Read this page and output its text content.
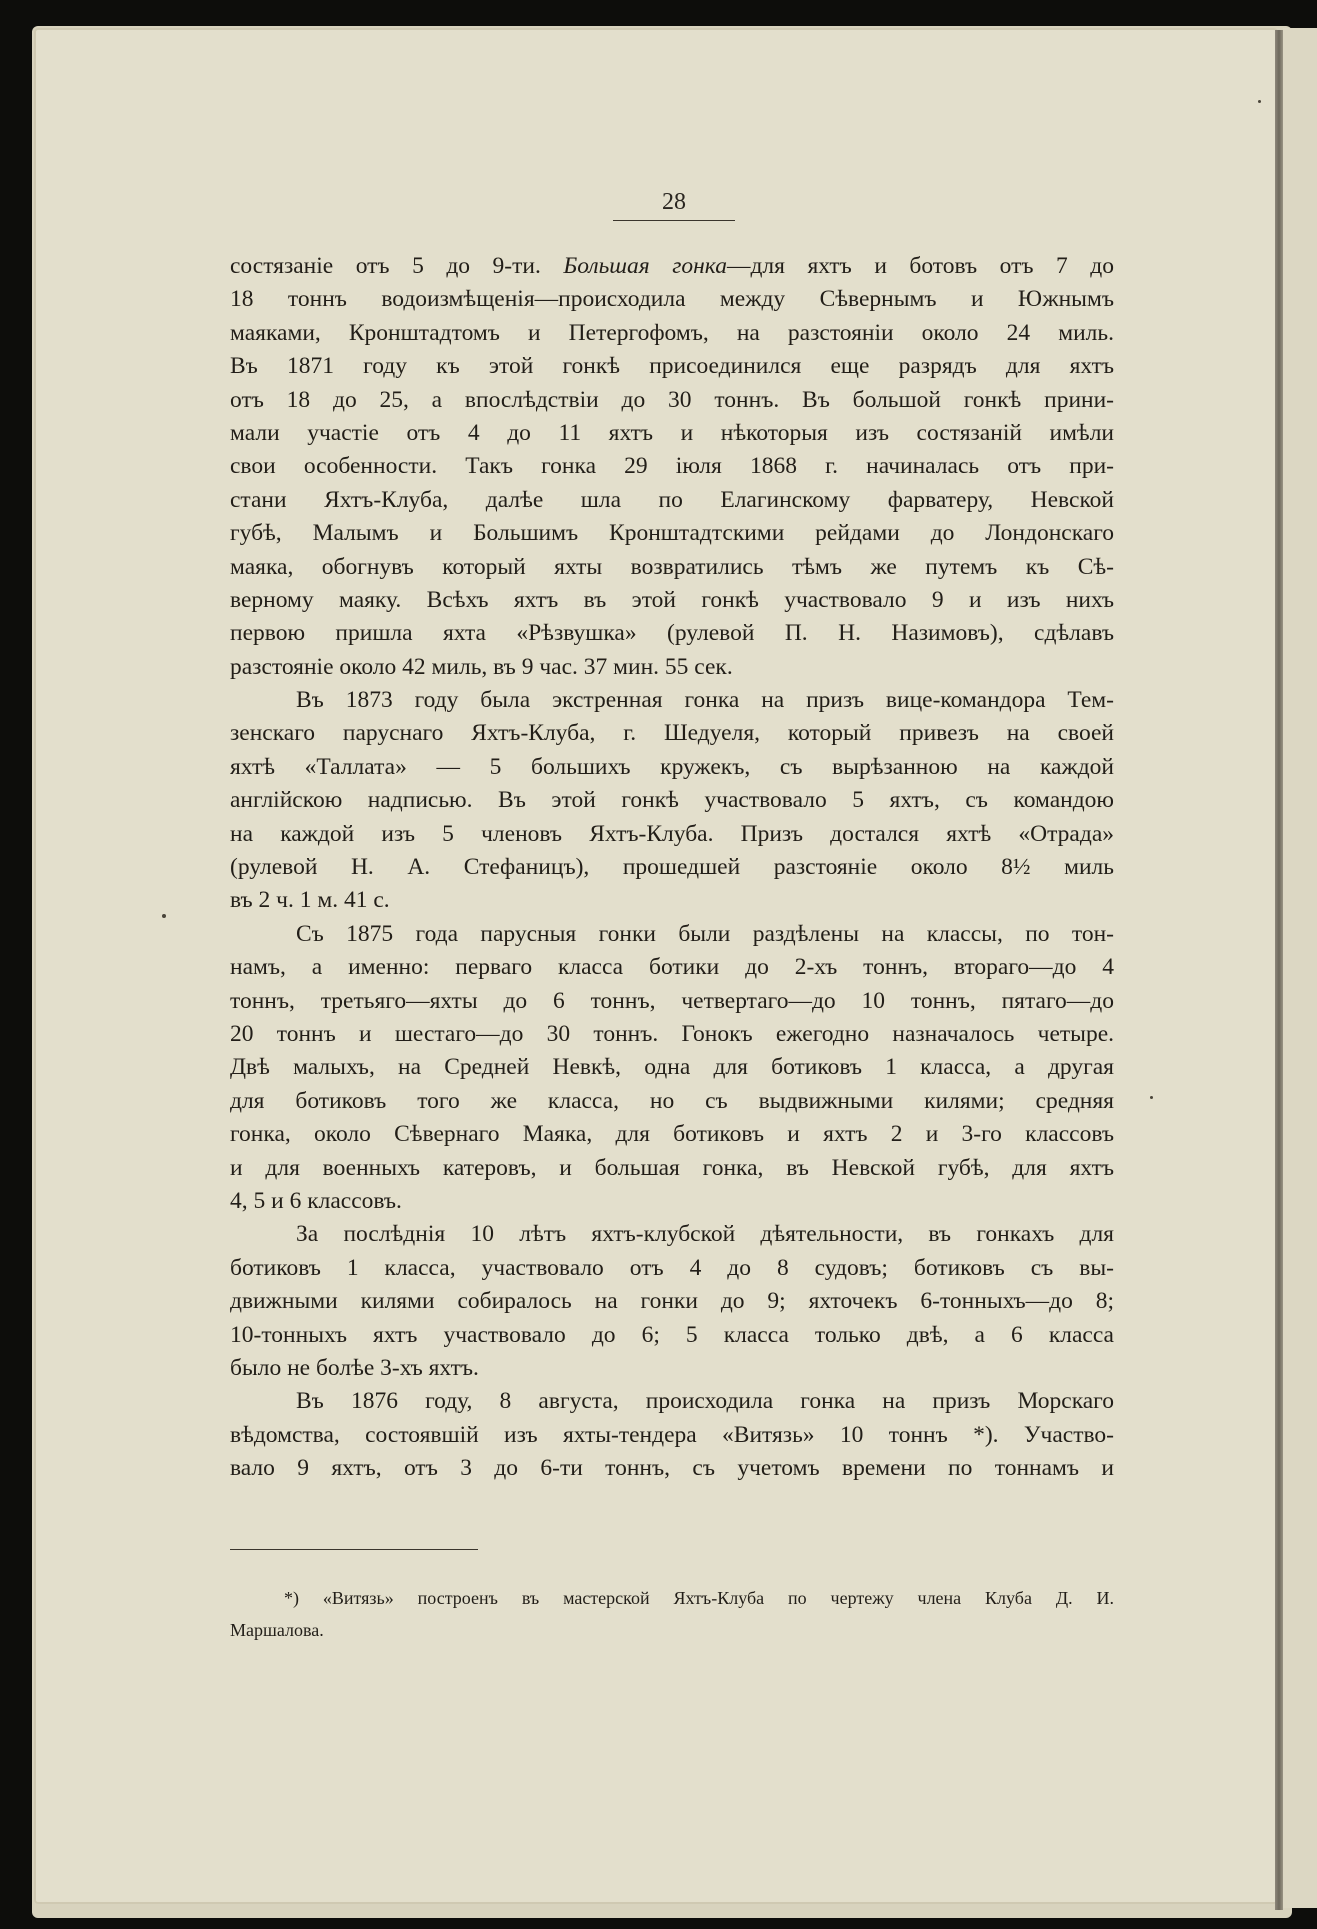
28
состязаніе отъ 5 до 9-ти. Большая гонка—для яхтъ и ботовъ отъ 7 до
18 тоннъ водоизмѣщенія—происходила между Сѣвернымъ и Южнымъ
маяками, Кронштадтомъ и Петергофомъ, на разстояніи около 24 миль.
Въ 1871 году къ этой гонкѣ присоединился еще разрядъ для яхтъ
отъ 18 до 25, а впослѣдствіи до 30 тоннъ. Въ большой гонкѣ прини-
мали участіе отъ 4 до 11 яхтъ и нѣкоторыя изъ состязаній имѣли
свои особенности. Такъ гонка 29 іюля 1868 г. начиналась отъ при-
стани Яхтъ-Клуба, далѣе шла по Елагинскому фарватеру, Невской
губѣ, Малымъ и Большимъ Кронштадтскими рейдами до Лондонскаго
маяка, обогнувъ который яхты возвратились тѣмъ же путемъ къ Сѣ-
верному маяку. Всѣхъ яхтъ въ этой гонкѣ участвовало 9 и изъ нихъ
первою пришла яхта «Рѣзвушка» (рулевой П. Н. Назимовъ), сдѣлавъ
разстояніе около 42 миль, въ 9 час. 37 мин. 55 сек.
Въ 1873 году была экстренная гонка на призъ вице-командора Тем-
зенскаго паруснаго Яхтъ-Клуба, г. Шедуеля, который привезъ на своей
яхтѣ «Таллата» — 5 большихъ кружекъ, съ вырѣзанною на каждой
англійскою надписью. Въ этой гонкѣ участвовало 5 яхтъ, съ командою
на каждой изъ 5 членовъ Яхтъ-Клуба. Призъ достался яхтѣ «Отрада»
(рулевой Н. А. Стефаницъ), прошедшей разстояніе около 8½ миль
въ 2 ч. 1 м. 41 с.
Съ 1875 года парусныя гонки были раздѣлены на классы, по тон-
намъ, а именно: перваго класса ботики до 2-хъ тоннъ, втораго—до 4
тоннъ, третьяго—яхты до 6 тоннъ, четвертаго—до 10 тоннъ, пятаго—до
20 тоннъ и шестаго—до 30 тоннъ. Гонокъ ежегодно назначалось четыре.
Двѣ малыхъ, на Средней Невкѣ, одна для ботиковъ 1 класса, а другая
для ботиковъ того же класса, но съ выдвижными килями; средняя
гонка, около Сѣвернаго Маяка, для ботиковъ и яхтъ 2 и 3-го классовъ
и для военныхъ катеровъ, и большая гонка, въ Невской губѣ, для яхтъ
4, 5 и 6 классовъ.
За послѣднія 10 лѣтъ яхтъ-клубской дѣятельности, въ гонкахъ для
ботиковъ 1 класса, участвовало отъ 4 до 8 судовъ; ботиковъ съ вы-
движными килями собиралось на гонки до 9; яхточекъ 6-тонныхъ—до 8;
10-тонныхъ яхтъ участвовало до 6; 5 класса только двѣ, а 6 класса
было не болѣе 3-хъ яхтъ.
Въ 1876 году, 8 августа, происходила гонка на призъ Морскаго
вѣдомства, состоявшій изъ яхты-тендера «Витязь» 10 тоннъ *). Участво-
вало 9 яхтъ, отъ 3 до 6-ти тоннъ, съ учетомъ времени по тоннамъ и
*) «Витязь» построенъ въ мастерской Яхтъ-Клуба по чертежу члена Клуба Д. И.
Маршалова.
